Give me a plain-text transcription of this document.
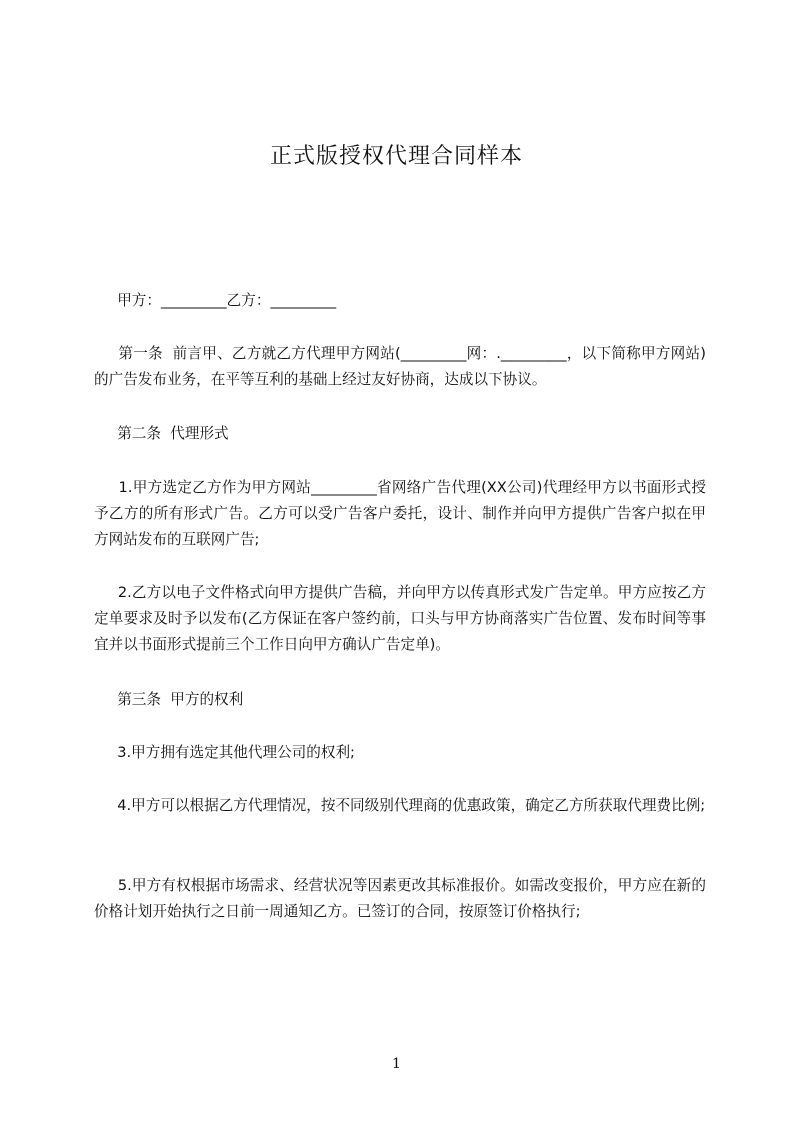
正式版授权代理合同样本

甲方：_________乙方：_________

第一条  前言甲、乙方就乙方代理甲方网站(_________网：._________，以下简称甲方网站)的广告发布业务，在平等互利的基础上经过友好协商，达成以下协议。

第二条  代理形式

1.甲方选定乙方作为甲方网站_________省网络广告代理(XX公司)代理经甲方以书面形式授予乙方的所有形式广告。乙方可以受广告客户委托，设计、制作并向甲方提供广告客户拟在甲方网站发布的互联网广告;

2.乙方以电子文件格式向甲方提供广告稿，并向甲方以传真形式发广告定单。甲方应按乙方定单要求及时予以发布(乙方保证在客户签约前，口头与甲方协商落实广告位置、发布时间等事宜并以书面形式提前三个工作日向甲方确认广告定单)。

第三条  甲方的权利

3.甲方拥有选定其他代理公司的权利;

4.甲方可以根据乙方代理情况，按不同级别代理商的优惠政策，确定乙方所获取代理费比例;

5.甲方有权根据市场需求、经营状况等因素更改其标准报价。如需改变报价，甲方应在新的价格计划开始执行之日前一周通知乙方。已签订的合同，按原签订价格执行;

1
